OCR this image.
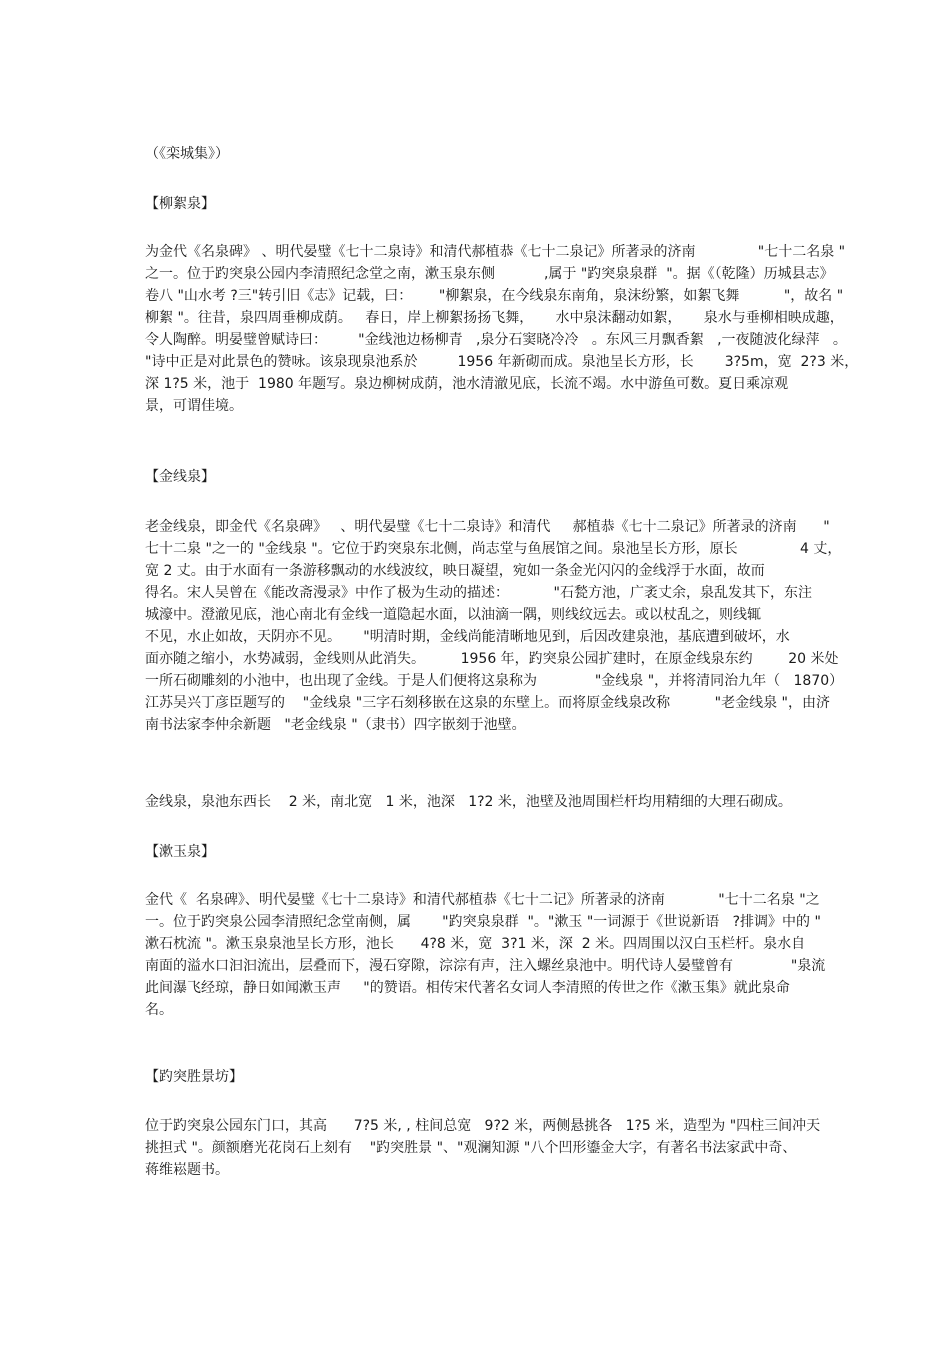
（《栾城集》）
【柳絮泉】
为金代《名泉碑》 、明代晏璧《七十二泉诗》和清代郝植恭《七十二泉记》所著录的济南              "七十二名泉 "
之一。位于趵突泉公园内李清照纪念堂之南，漱玉泉东侧           ,属于 "趵突泉泉群  "。据《（乾隆）历城县志》
卷八 "山水考 ?三"转引旧《志》记载，曰：      "柳絮泉，在今线泉东南角，泉沫纷繁，如絮飞舞          "，故名 "
柳絮 "。往昔，泉四周垂柳成荫。   春日，岸上柳絮扬扬飞舞，     水中泉沫翻动如絮，     泉水与垂柳相映成趣，
令人陶醉。明晏璧曾赋诗曰：       "金线池边杨柳青   ,泉分石窦晓冷冷   。东风三月飘香絮   ,一夜随波化绿萍   。
"诗中正是对此景色的赞咏。该泉现泉池系於         1956 年新砌而成。泉池呈长方形，长       3?5m，宽  2?3 米，
深 1?5 米，池于  1980 年题写。泉边柳树成荫，池水清澈见底，长流不竭。水中游鱼可数。夏日乘凉观
景，可谓佳境。
【金线泉】
老金线泉，即金代《名泉碑》   、明代晏璧《七十二泉诗》和清代     郝植恭《七十二泉记》所著录的济南      "
七十二泉 "之一的 "金线泉 "。它位于趵突泉东北侧，尚志堂与鱼展馆之间。泉池呈长方形，原长              4 丈，
宽 2 丈。由于水面有一条游移飘动的水线波纹，映日凝望，宛如一条金光闪闪的金线浮于水面，故而
得名。宋人吴曾在《能改斋漫录》中作了极为生动的描述：          "石甃方池，广袤丈余，泉乱发其下，东注
城濠中。澄澈见底，池心南北有金线一道隐起水面，以油滴一隅，则线纹远去。或以杖乱之，则线辄
不见，水止如故，天阴亦不见。     "明清时期，金线尚能清晰地见到，后因改建泉池，基底遭到破坏，水
面亦随之缩小，水势减弱，金线则从此消失。        1956 年，趵突泉公园扩建时，在原金线泉东约        20 米处
一所石砌雕刻的小池中，也出现了金线。于是人们便将这泉称为             "金线泉 "，并将清同治九年（   1870）
江苏吴兴丁彦臣题写的    "金线泉 "三字石刻移嵌在这泉的东壁上。而将原金线泉改称          "老金线泉 "，由济
南书法家李仲余新题   "老金线泉 "（隶书）四字嵌刻于池壁。
金线泉，泉池东西长    2 米，南北宽   1 米，池深   1?2 米，池壁及池周围栏杆均用精细的大理石砌成。
【漱玉泉】
金代《  名泉碑》、明代晏璧《七十二泉诗》和清代郝植恭《七十二记》所著录的济南            "七十二名泉 "之
一。位于趵突泉公园李清照纪念堂南侧，属       "趵突泉泉群  "。"漱玉 "一词源于《世说新语   ?排调》中的 "
漱石枕流 "。漱玉泉泉池呈长方形，池长      4?8 米，宽  3?1 米，深  2 米。四周围以汉白玉栏杆。泉水自
南面的溢水口汩汩流出，层叠而下，漫石穿隙，淙淙有声，注入螺丝泉池中。明代诗人晏璧曾有             "泉流
此间瀑飞经琼，静日如闻漱玉声     "的赞语。相传宋代著名女词人李清照的传世之作《漱玉集》就此泉命
名。
【趵突胜景坊】
位于趵突泉公园东门口，其高      7?5 米, , 柱间总宽   9?2 米，两侧悬挑各   1?5 米，造型为 "四柱三间冲天
挑担式 "。颜额磨光花岗石上刻有    "趵突胜景 "、"观澜知源 "八个凹形鎏金大字，有著名书法家武中奇、
蒋维崧题书。
